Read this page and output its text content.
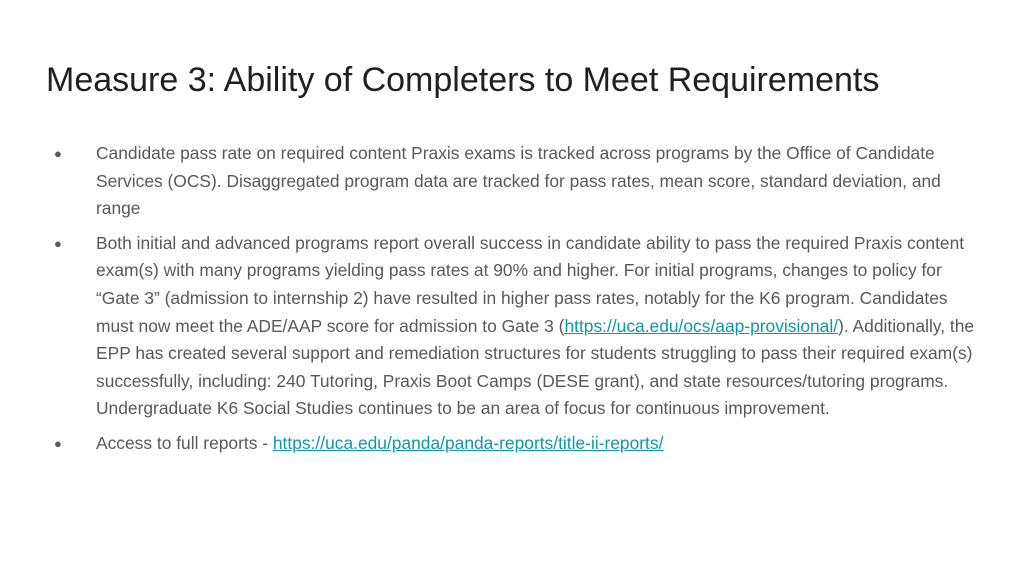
Measure 3: Ability of Completers to Meet Requirements
● Candidate pass rate on required content Praxis exams is tracked across programs by the Office of Candidate Services (OCS). Disaggregated program data are tracked for pass rates, mean score, standard deviation, and range
● Both initial and advanced programs report overall success in candidate ability to pass the required Praxis content exam(s) with many programs yielding pass rates at 90% and higher. For initial programs, changes to policy for “Gate 3” (admission to internship 2) have resulted in higher pass rates, notably for the K6 program. Candidates must now meet the ADE/AAP score for admission to Gate 3 (https://uca.edu/ocs/aap-provisional/). Additionally, the EPP has created several support and remediation structures for students struggling to pass their required exam(s) successfully, including: 240 Tutoring, Praxis Boot Camps (DESE grant), and state resources/tutoring programs. Undergraduate K6 Social Studies continues to be an area of focus for continuous improvement.
● Access to full reports - https://uca.edu/panda/panda-reports/title-ii-reports/
